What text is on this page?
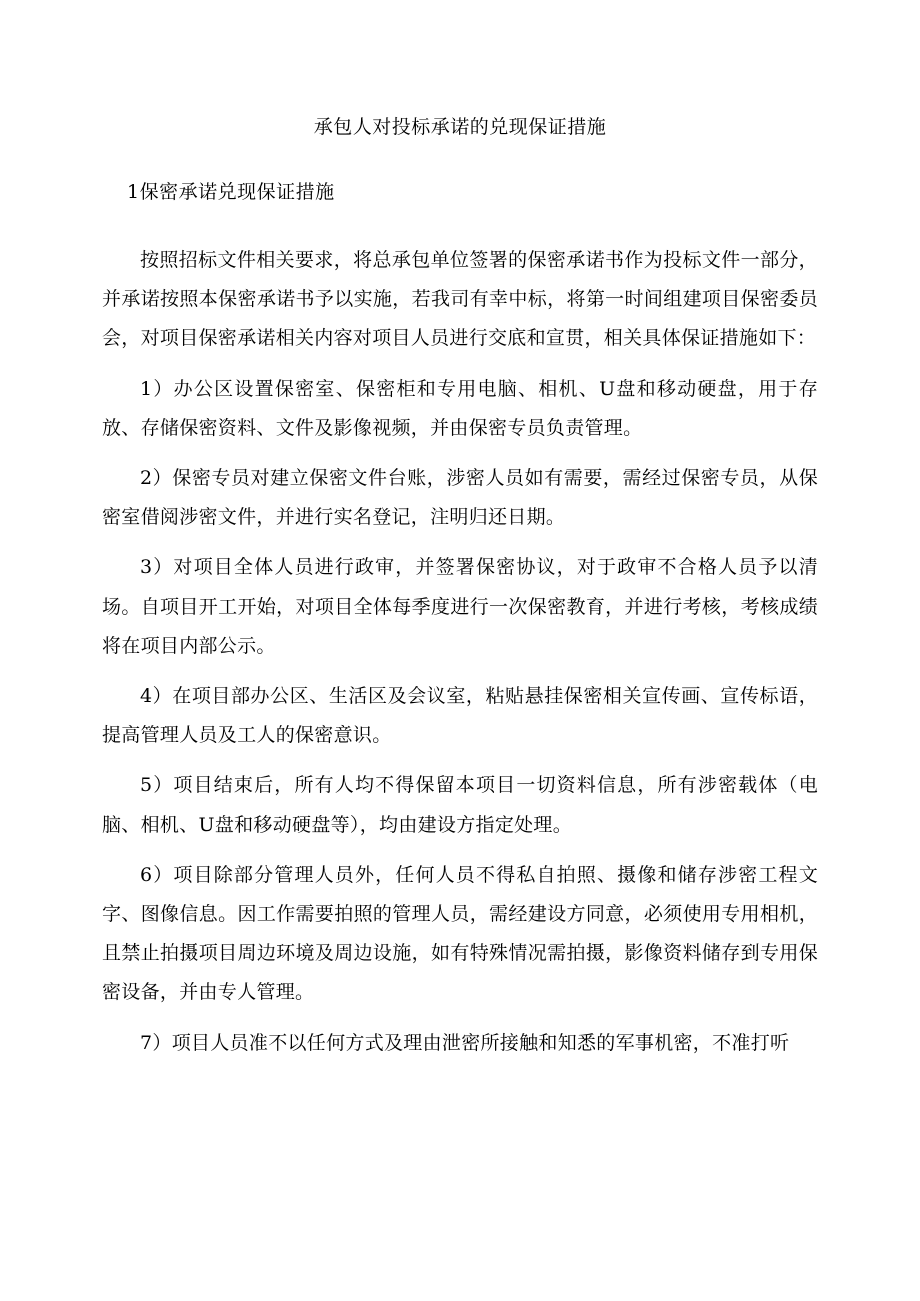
承包人对投标承诺的兑现保证措施
1保密承诺兑现保证措施

按照招标文件相关要求，将总承包单位签署的保密承诺书作为投标文件一部分，并承诺按照本保密承诺书予以实施，若我司有幸中标，将第一时间组建项目保密委员会，对项目保密承诺相关内容对项目人员进行交底和宣贯，相关具体保证措施如下：

1）办公区设置保密室、保密柜和专用电脑、相机、U盘和移动硬盘，用于存放、存储保密资料、文件及影像视频，并由保密专员负责管理。

2）保密专员对建立保密文件台账，涉密人员如有需要，需经过保密专员，从保密室借阅涉密文件，并进行实名登记，注明归还日期。

3）对项目全体人员进行政审，并签署保密协议，对于政审不合格人员予以清场。自项目开工开始，对项目全体每季度进行一次保密教育，并进行考核，考核成绩将在项目内部公示。

4）在项目部办公区、生活区及会议室，粘贴悬挂保密相关宣传画、宣传标语，提高管理人员及工人的保密意识。

5）项目结束后，所有人均不得保留本项目一切资料信息，所有涉密载体（电脑、相机、U盘和移动硬盘等），均由建设方指定处理。

6）项目除部分管理人员外，任何人员不得私自拍照、摄像和储存涉密工程文字、图像信息。因工作需要拍照的管理人员，需经建设方同意，必须使用专用相机，且禁止拍摄项目周边环境及周边设施，如有特殊情况需拍摄，影像资料储存到专用保密设备，并由专人管理。

7）项目人员准不以任何方式及理由泄密所接触和知悉的军事机密，不准打听
